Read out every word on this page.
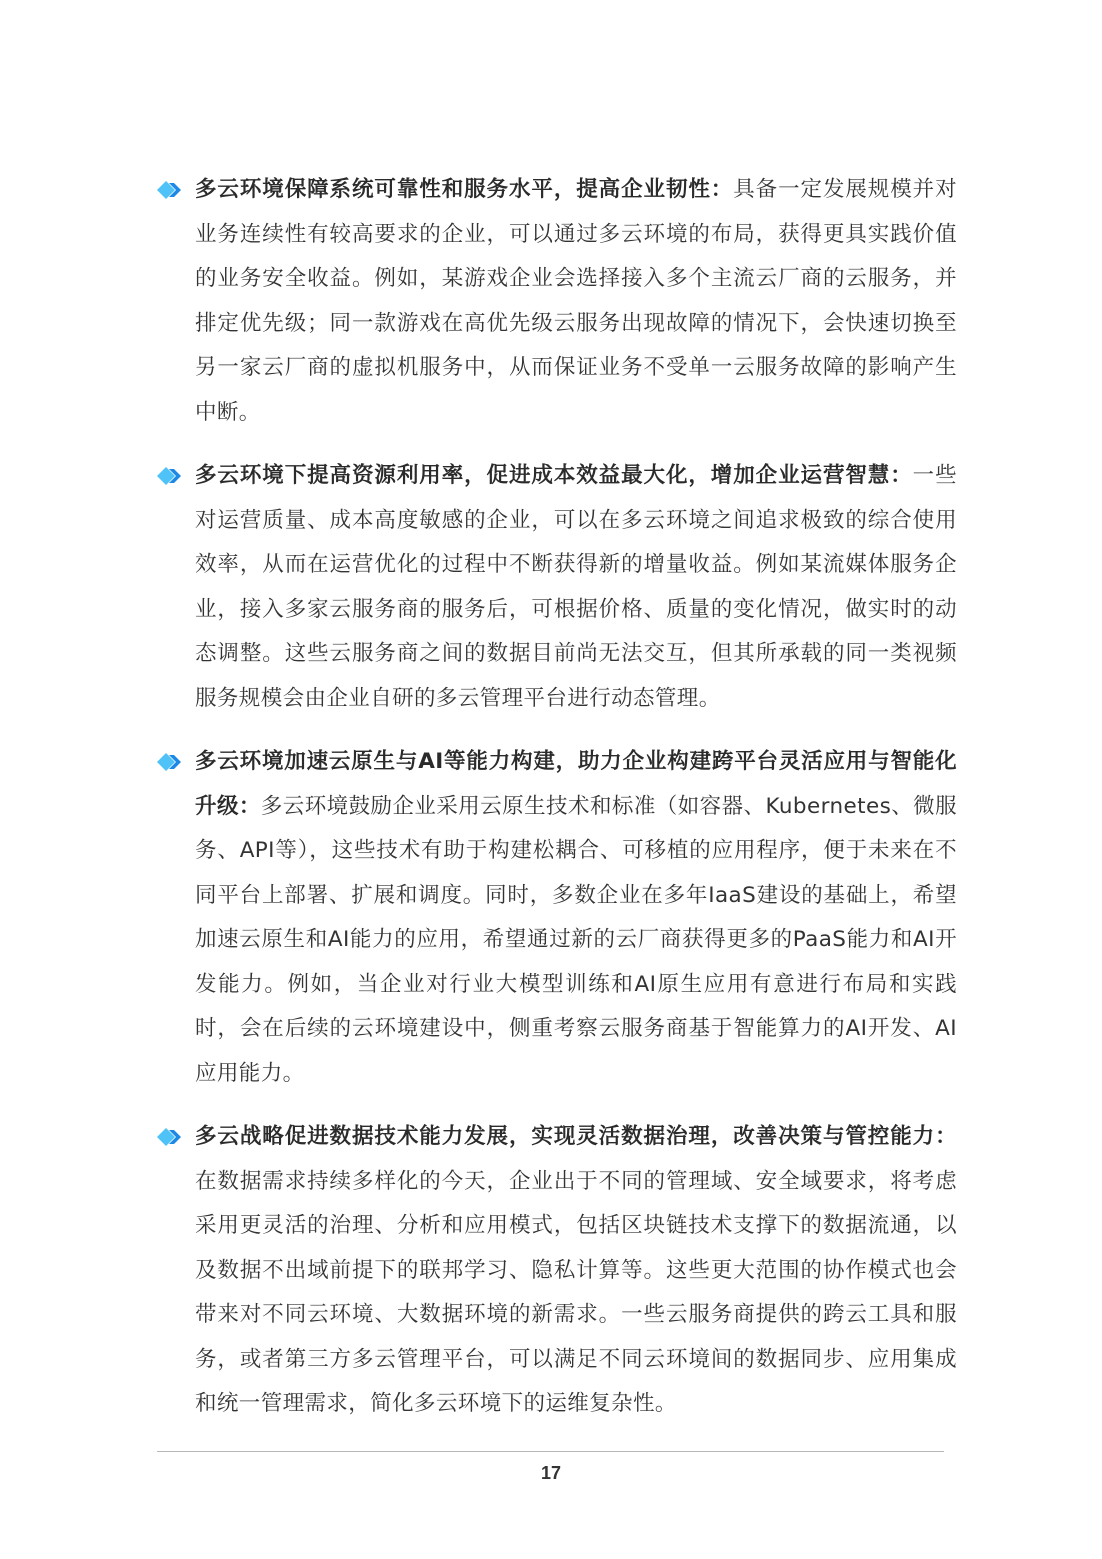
多云环境保障系统可靠性和服务水平，提高企业韧性：具备一定发展规模并对业务连续性有较高要求的企业，可以通过多云环境的布局，获得更具实践价值的业务安全收益。例如，某游戏企业会选择接入多个主流云厂商的云服务，并排定优先级；同一款游戏在高优先级云服务出现故障的情况下，会快速切换至另一家云厂商的虚拟机服务中，从而保证业务不受单一云服务故障的影响产生中断。

多云环境下提高资源利用率，促进成本效益最大化，增加企业运营智慧：一些对运营质量、成本高度敏感的企业，可以在多云环境之间追求极致的综合使用效率，从而在运营优化的过程中不断获得新的增量收益。例如某流媒体服务企业，接入多家云服务商的服务后，可根据价格、质量的变化情况，做实时的动态调整。这些云服务商之间的数据目前尚无法交互，但其所承载的同一类视频服务规模会由企业自研的多云管理平台进行动态管理。

多云环境加速云原生与AI等能力构建，助力企业构建跨平台灵活应用与智能化升级：多云环境鼓励企业采用云原生技术和标准（如容器、Kubernetes、微服务、API等），这些技术有助于构建松耦合、可移植的应用程序，便于未来在不同平台上部署、扩展和调度。同时，多数企业在多年IaaS建设的基础上，希望加速云原生和AI能力的应用，希望通过新的云厂商获得更多的PaaS能力和AI开发能力。例如，当企业对行业大模型训练和AI原生应用有意进行布局和实践时，会在后续的云环境建设中，侧重考察云服务商基于智能算力的AI开发、AI应用能力。

多云战略促进数据技术能力发展，实现灵活数据治理，改善决策与管控能力：在数据需求持续多样化的今天，企业出于不同的管理域、安全域要求，将考虑采用更灵活的治理、分析和应用模式，包括区块链技术支撑下的数据流通，以及数据不出域前提下的联邦学习、隐私计算等。这些更大范围的协作模式也会带来对不同云环境、大数据环境的新需求。一些云服务商提供的跨云工具和服务，或者第三方多云管理平台，可以满足不同云环境间的数据同步、应用集成和统一管理需求，简化多云环境下的运维复杂性。

17
